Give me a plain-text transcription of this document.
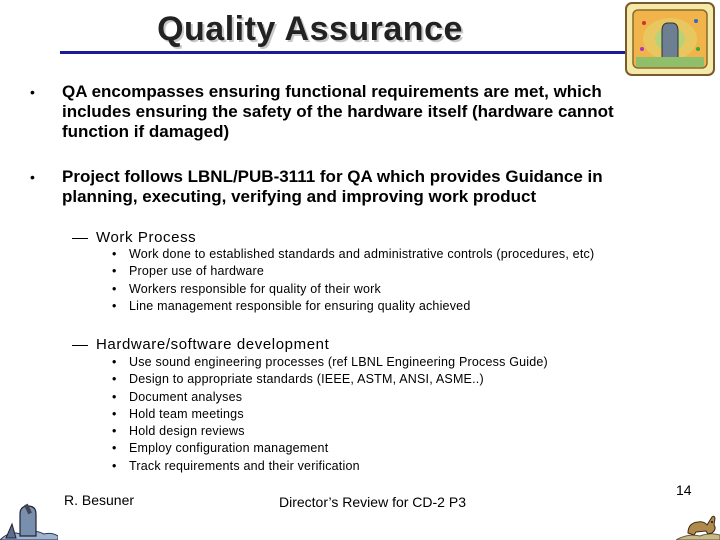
Quality Assurance
• QA encompasses ensuring functional requirements are met, which includes ensuring the safety of the hardware itself (hardware cannot function if damaged)
• Project follows LBNL/PUB-3111 for QA which provides Guidance in planning, executing, verifying and improving work product
Work Process
• Work done to established standards and administrative controls (procedures, etc)
• Proper use of hardware
• Workers responsible for quality of their work
• Line management responsible for ensuring quality achieved
Hardware/software development
• Use sound engineering processes (ref LBNL Engineering Process Guide)
• Design to appropriate standards (IEEE, ASTM, ANSI, ASME..)
• Document analyses
• Hold team meetings
• Hold design reviews
• Employ configuration management
• Track requirements and their verification
R. Besuner	Director’s Review for CD-2 P3
14
